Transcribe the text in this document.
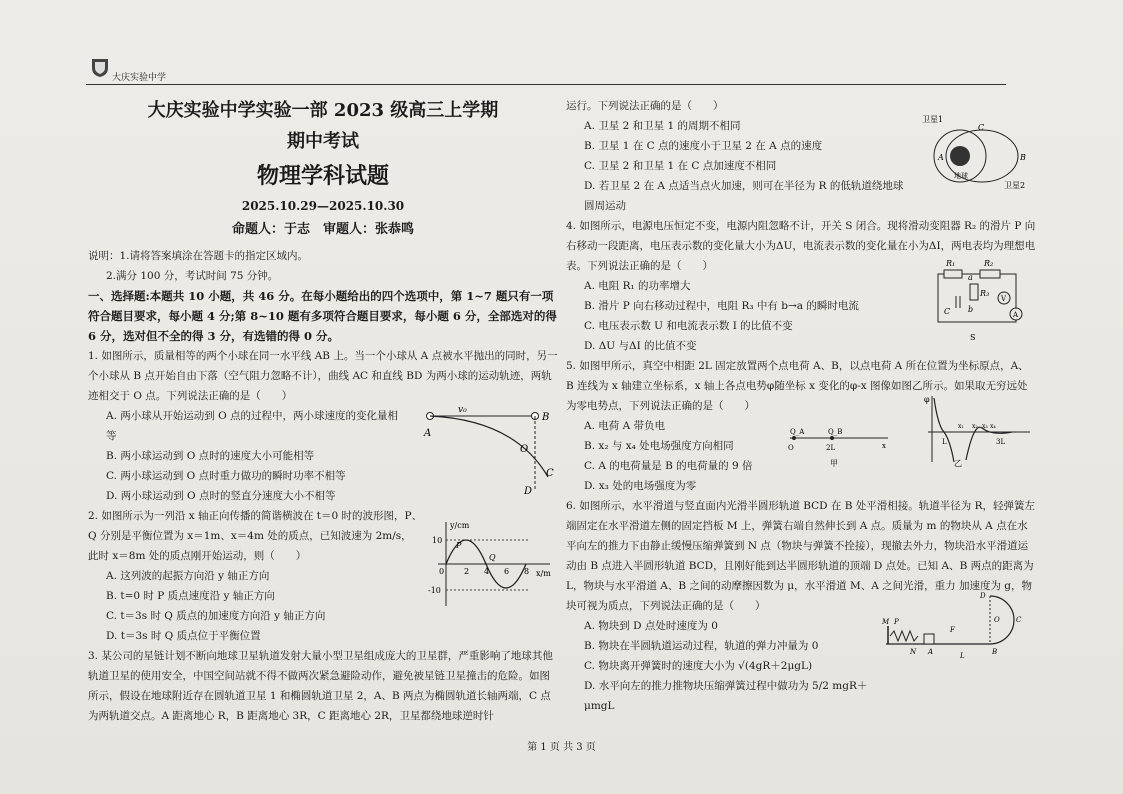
大庆实验中学
大庆实验中学实验一部 2023 级高三上学期
期中考试
物理学科试题
2025.10.29—2025.10.30
命题人：于志　审题人：张恭鸣
说明：1.请将答案填涂在答题卡的指定区域内。
2.满分 100 分，考试时间 75 分钟。
一、选择题:本题共 10 小题，共 46 分。在每小题给出的四个选项中，第 1~7 题只有一项符合题目要求，每小题 4 分;第 8~10 题有多项符合题目要求，每小题 6 分，全部选对的得 6 分，选对但不全的得 3 分，有选错的得 0 分。
1. 如图所示，质量相等的两个小球在同一水平线 AB 上。当一个小球从 A 点被水平抛出的同时，另一个小球从 B 点开始自由下落（空气阻力忽略不计），曲线 AC 和直线 BD 为两小球的运动轨迹，两轨迹相交于 O 点。下列说法正确的是（　　）
A. 两小球从开始运动到 O 点的过程中，两小球速度的变化量相等
B. 两小球运动到 O 点时的速度大小可能相等
C. 两小球运动到 O 点时重力做功的瞬时功率不相等
D. 两小球运动到 O 点时的竖直分速度大小不相等
2. 如图所示为一列沿 x 轴正向传播的简谐横波在 t＝0 时的波形图，P、
Q 分别是平衡位置为 x＝1m、x＝4m 处的质点，已知波速为 2m/s，
此时 x＝8m 处的质点刚开始运动，则（　　）
A. 这列波的起振方向沿 y 轴正方向
B. t=0 时 P 质点速度沿 y 轴正方向
C. t＝3s 时 Q 质点的加速度方向沿 y 轴正方向
D. t＝3s 时 Q 质点位于平衡位置
3. 某公司的星链计划不断向地球卫星轨道发射大量小型卫星组成庞大的卫星群，严重影响了地球其他轨道卫星的使用安全，中国空间站就不得不做两次紧急避险动作，避免被星链卫星撞击的危险。如图所示，假设在地球附近存在圆轨道卫星 1 和椭圆轨道卫星 2，A、B 两点为椭圆轨道长轴两端，C 点为两轨道交点。A 距离地心 R，B 距离地心 3R，C 距离地心 2R，卫星都绕地球逆时针
A
B
v₀
O
C
D
y/cm
x/m
10
-10
0 2 4 6 8
P
Q
运行。下列说法正确的是（　　）
A. 卫星 2 和卫星 1 的周期不相同
B. 卫星 1 在 C 点的速度小于卫星 2 在 A 点的速度
C. 卫星 2 和卫星 1 在 C 点加速度不相同
D. 若卫星 2 在 A 点适当点火加速，则可在半径为 R 的低轨道绕地球圆周运动
4. 如图所示，电源电压恒定不变，电源内阻忽略不计，开关 S 闭合。现将滑动变阻器 R₂ 的滑片 P 向右移动一段距离，电压表示数的变化量大小为ΔU，电流表示数的变化量在小为ΔI，两电表均为理想电表。下列说法正确的是（　　）
A. 电阻 R₁ 的功率增大
B. 滑片 P 向右移动过程中，电阻 R₃ 中有 b→a 的瞬时电流
C. 电压表示数 U 和电流表示数 I 的比值不变
D. ΔU 与ΔI 的比值不变
5. 如图甲所示，真空中相距 2L 固定放置两个点电荷 A、B，以点电荷 A 所在位置为坐标原点，A、B 连线为 x 轴建立坐标系，x 轴上各点电势φ随坐标 x 变化的φ-x 图像如图乙所示。如果取无穷远处为零电势点，下列说法正确的是（　　）
A. 电荷 A 带负电
B. x₂ 与 x₄ 处电场强度方向相同
C. A 的电荷量是 B 的电荷量的 9 倍
D. x₃ 处的电场强度为零
6. 如图所示，水平滑道与竖直面内光滑半圆形轨道 BCD 在 B 处平滑相接。轨道半径为 R，轻弹簧左端固定在水平滑道左侧的固定挡板 M 上，弹簧右端自然伸长到 A 点。质量为 m 的物块从 A 点在水平向左的推力下由静止缓慢压缩弹簧到 N 点（物块与弹簧不拴接），现撤去外力，物块沿水平滑道运动由 B 点进入半圆形轨道 BCD，且刚好能到达半圆形轨道的顶端 D 点处。已知 A、B 两点的距离为 L，物块与水平滑道 A、B 之间的动摩擦因数为 μ，水平滑道 M、A 之间光滑，重力 加速度为 g，物块可视为质点，下列说法正确的是（　　）
A. 物块到 D 点处时速度为 0
B. 物块在半圆轨道运动过程，轨道的弹力冲量为 0
C. 物块离开弹簧时的速度大小为 √(4gR＋2μgL)
D. 水平向左的推力推物块压缩弹簧过程中做功为 5/2 mgR＋μmgL
卫星1
卫星2
地球
A	B
C
R₁	R₂
R₃
a
b
C
S
V
A
Q_A	Q_B
O	2L	x
甲
φ
L
x₁ x₂ x₃ x₄
3L
乙
M P
N A
F
L	B
C
D
O
第 1 页 共 3 页
